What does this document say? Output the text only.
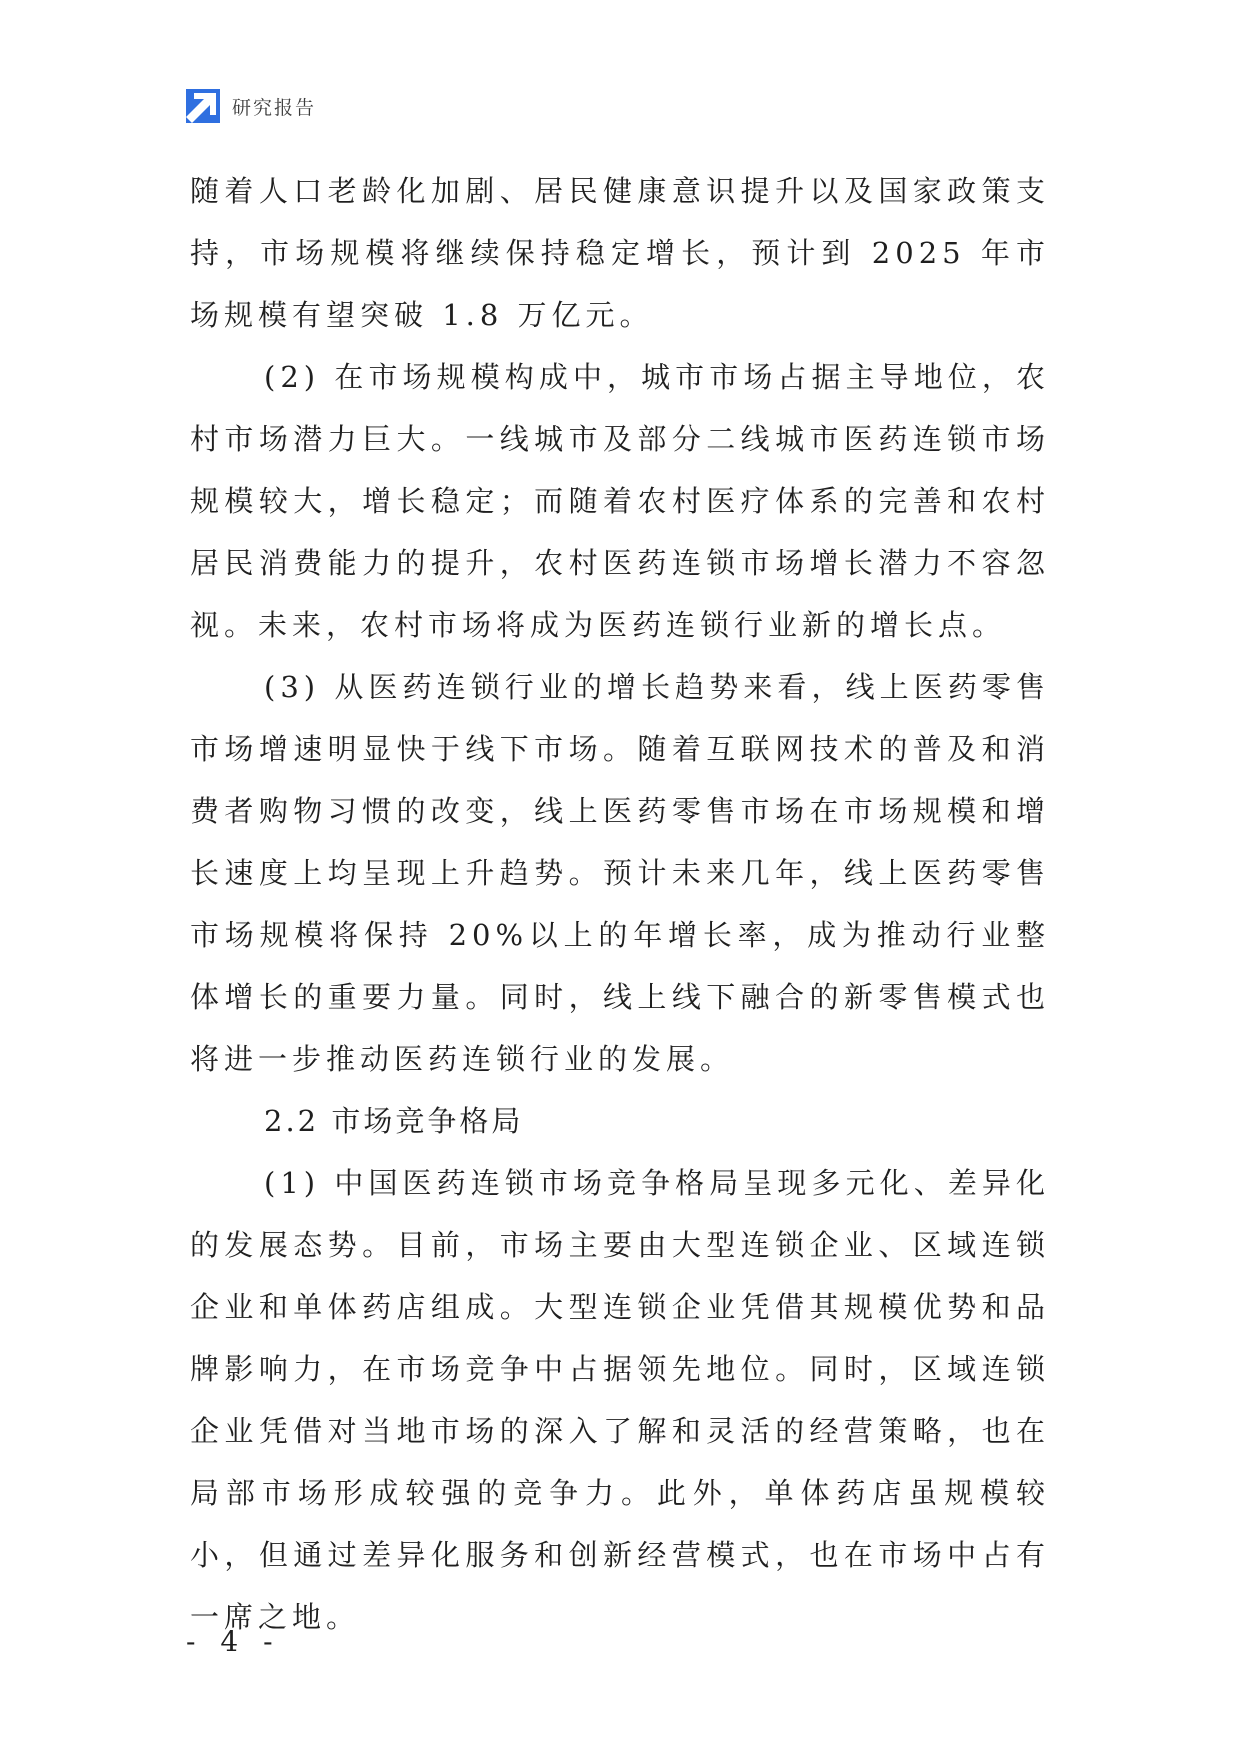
研究报告

随着人口老龄化加剧、居民健康意识提升以及国家政策支持，市场规模将继续保持稳定增长，预计到 2025 年市场规模有望突破 1.8 万亿元。

(2) 在市场规模构成中，城市市场占据主导地位，农村市场潜力巨大。一线城市及部分二线城市医药连锁市场规模较大，增长稳定；而随着农村医疗体系的完善和农村居民消费能力的提升，农村医药连锁市场增长潜力不容忽视。未来，农村市场将成为医药连锁行业新的增长点。

(3) 从医药连锁行业的增长趋势来看，线上医药零售市场增速明显快于线下市场。随着互联网技术的普及和消费者购物习惯的改变，线上医药零售市场在市场规模和增长速度上均呈现上升趋势。预计未来几年，线上医药零售市场规模将保持 20%以上的年增长率，成为推动行业整体增长的重要力量。同时，线上线下融合的新零售模式也将进一步推动医药连锁行业的发展。

2.2 市场竞争格局

(1) 中国医药连锁市场竞争格局呈现多元化、差异化的发展态势。目前，市场主要由大型连锁企业、区域连锁企业和单体药店组成。大型连锁企业凭借其规模优势和品牌影响力，在市场竞争中占据领先地位。同时，区域连锁企业凭借对当地市场的深入了解和灵活的经营策略，也在局部市场形成较强的竞争力。此外，单体药店虽规模较小，但通过差异化服务和创新经营模式，也在市场中占有一席之地。

- 4 -
